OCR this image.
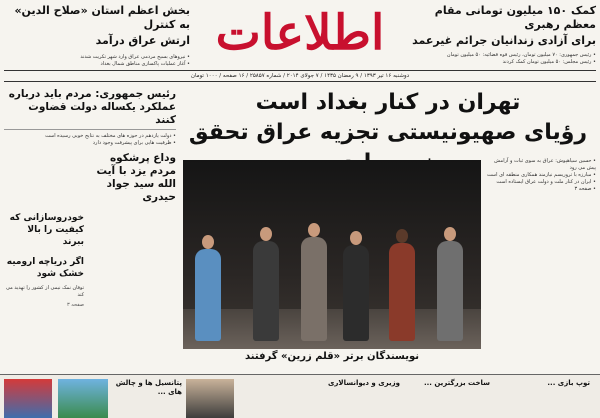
بخش اعظم استان «صلاح الدین» به کنترل
ارتش عراق درآمد
• نیروهای بسیج مردمی عراق وارد شهر تکریت شدند
• آغاز عملیات پاکسازی مناطق شمال بغداد
اطلاعات	کمک ۱۵۰ میلیون تومانی مقام معظم رهبری
برای آزادی زندانیان جرائم غیرعمد
• رئیس جمهوری: ۷۰ میلیون تومان، رئیس قوه قضائیه: ۵۰ میلیون تومان
• رئیس مجلس: ۵۰ میلیون تومان کمک کردند
دوشنبه ۱۶ تیر ۱۳۹۳ / ۹ رمضان ۱۴۳۵ / ۷ جولای ۲۰۱۴ / شماره ۲۵۸۵۷ / ۱۶ صفحه / ۱۰۰۰ تومان
تهران در کنار بغداد است
رؤیای صهیونیستی تجزیه عراق تحقق
رئیس جمهوری: مردم باید درباره عملکرد یکساله دولت قضاوت کنند
• دولت یازدهم در حوزه های مختلف به نتایج خوبی رسیده است
• ظرفیت هایی برای پیشرفت وجود دارد
وداع پرشکوه مردم یزد با آیت الله سید جواد حیدری
خودروسازانی که کیفیت را بالا ببرند
اگر دریاچه ارومیه خشک شود
توفان نمک نیمی از کشور را تهدید می کند
صفحه ۳
نویسندگان برتر «قلم زرین» گرفتند
• حسین سیاهپوش: عراق به سوی ثبات و آرامش پیش می رود
• مبارزه با تروریسم نیازمند همکاری منطقه ای است
• ایران در کنار ملت و دولت عراق ایستاده است
• صفحه ۳
پتانسیل ها و چالش های ...
وزیری و دیوانسالاری	ساخت بزرگترین ...	توپ بازی ...
